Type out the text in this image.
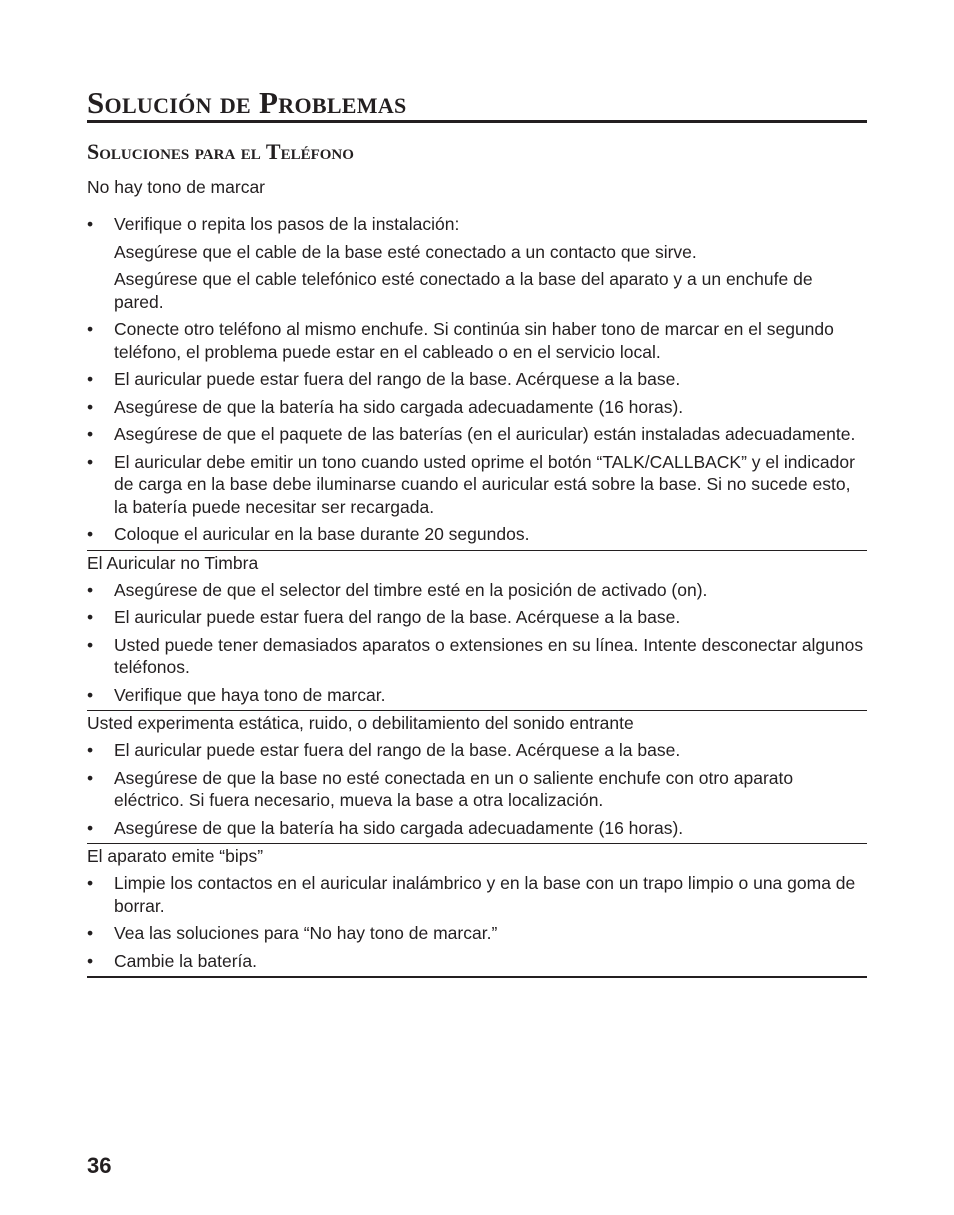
Solución de Problemas
Soluciones para el Teléfono
No hay tono de marcar
•	Verifique o repita los pasos de la instalación:
Asegúrese que el cable de la base esté conectado a un contacto que sirve.
Asegúrese que el cable telefónico esté conectado a la base del aparato y a un enchufe de pared.
•	Conecte otro teléfono al mismo enchufe. Si continúa sin haber tono de marcar en el segundo teléfono, el problema puede estar en el cableado o en el servicio local.
•	El auricular puede estar fuera del rango de la base. Acérquese a la base.
•	Asegúrese de que la batería ha sido cargada adecuadamente (16 horas).
•	Asegúrese de que el paquete de las baterías (en el auricular) están instaladas adecuadamente.
•	El auricular debe emitir un tono cuando usted oprime el botón “TALK/CALLBACK” y el indicador de carga en la base debe iluminarse cuando el auricular está sobre la base. Si no sucede esto, la batería puede necesitar ser recargada.
•	Coloque el auricular en la base durante 20 segundos.
El Auricular no Timbra
•	Asegúrese de que el selector del timbre esté en la posición de activado (on).
•	El auricular puede estar fuera del rango de la base. Acérquese a la base.
•	Usted puede tener demasiados aparatos o extensiones en su línea. Intente desconectar algunos teléfonos.
•	Verifique que haya tono de marcar.
Usted experimenta estática, ruido, o debilitamiento del sonido entrante
•	El auricular puede estar fuera del rango de la base. Acérquese a la base.
•	Asegúrese de que la base no esté conectada en un o saliente enchufe con otro aparato eléctrico. Si fuera necesario, mueva la base a otra localización.
•	Asegúrese de que la batería ha sido cargada adecuadamente (16 horas).
El aparato emite “bips”
•	Limpie los contactos en el auricular inalámbrico y en la base con un trapo limpio o una goma de borrar.
•	Vea las soluciones para “No hay tono de marcar.”
•	Cambie la batería.

36
